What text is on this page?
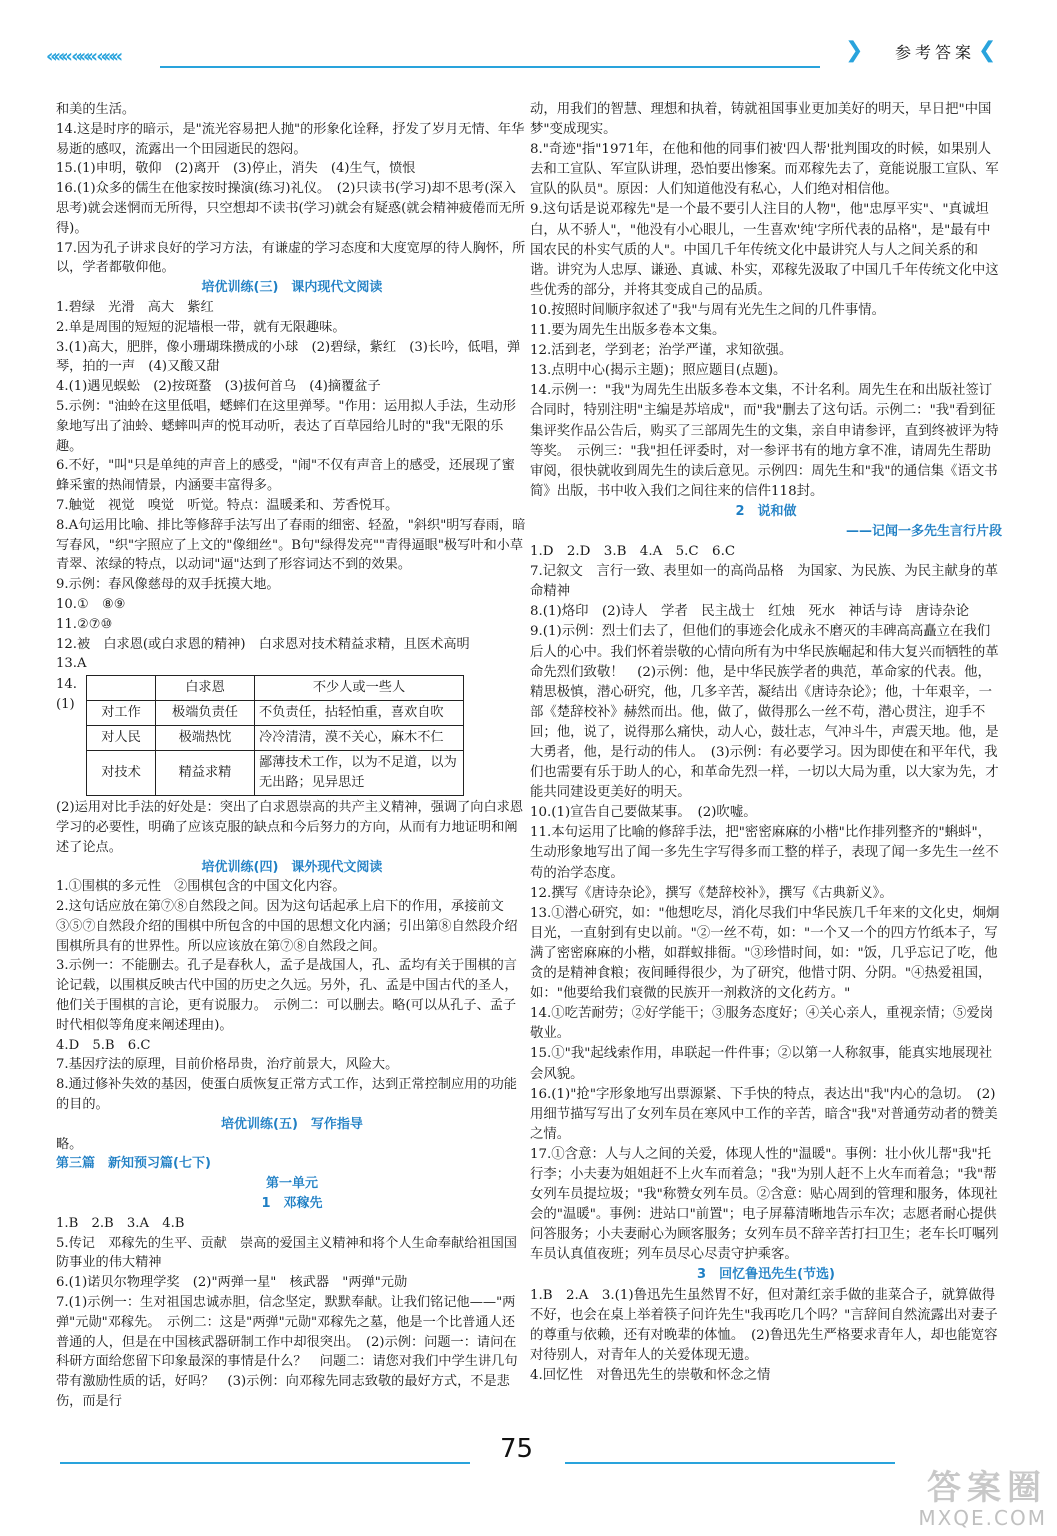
««« ««« «««	❯ 参考答案 ❮

和美的生活。

14.这是时序的暗示，是"流光容易把人抛"的形象化诠释，抒发了岁月无情、年华易逝的感叹，流露出一个田园逝民的怨闷。

15.(1)申明，敬仰　(2)离开　(3)停止，消失　(4)生气，愤恨

16.(1)众多的儒生在他家按时操演(练习)礼仪。　(2)只读书(学习)却不思考(深入思考)就会迷惘而无所得，只空想却不读书(学习)就会有疑惑(就会精神疲倦而无所得)。

17.因为孔子讲求良好的学习方法，有谦虚的学习态度和大度宽厚的待人胸怀，所以，学者都敬仰他。

培优训练(三)　课内现代文阅读

1.碧绿　光滑　高大　紫红

2.单是周围的短短的泥墙根一带，就有无限趣味。

3.(1)高大，肥胖，像小珊瑚珠攒成的小球　(2)碧绿，紫红　(3)长吟，低唱，弹琴，拍的一声　(4)又酸又甜

4.(1)遇见蜈蚣　(2)按斑蝥　(3)拔何首乌　(4)摘覆盆子

5.示例："油蛉在这里低唱，蟋蟀们在这里弹琴。"作用：运用拟人手法，生动形象地写出了油蛉、蟋蟀叫声的悦耳动听，表达了百草园给儿时的"我"无限的乐趣。

6.不好，"叫"只是单纯的声音上的感受，"闹"不仅有声音上的感受，还展现了蜜蜂采蜜的热闹情景，内涵要丰富得多。

7.触觉　视觉　嗅觉　听觉。特点：温暖柔和、芳香悦耳。

8.A句运用比喻、排比等修辞手法写出了春雨的细密、轻盈，"斜织"明写春雨，暗写春风，"织"字照应了上文的"像细丝"。B句"绿得发亮""青得逼眼"极写叶和小草青翠、浓绿的特点，以动词"逼"达到了形容词达不到的效果。

9.示例：春风像慈母的双手抚摸大地。

10.①　⑧⑨

11.②⑦⑩

12.被　白求恩(或白求恩的精神)　白求恩对技术精益求精，且医术高明

13.A

14.(1)
	白求恩	不少人或一些人
对工作	极端负责任	不负责任，拈轻怕重，喜欢自吹
对人民	极端热忱	冷冷清清，漠不关心，麻木不仁
对技术	精益求精	鄙薄技术工作，以为不足道，以为无出路；见异思迁

(2)运用对比手法的好处是：突出了白求恩崇高的共产主义精神，强调了向白求恩学习的必要性，明确了应该克服的缺点和今后努力的方向，从而有力地证明和阐述了论点。

培优训练(四)　课外现代文阅读

1.①围棋的多元性　②围棋包含的中国文化内容。

2.这句话应放在第⑦⑧自然段之间。因为这句话起承上启下的作用，承接前文③⑤⑦自然段介绍的围棋中所包含的中国的思想文化内涵；引出第⑧自然段介绍围棋所具有的世界性。所以应该放在第⑦⑧自然段之间。

3.示例一：不能删去。孔子是春秋人，孟子是战国人，孔、孟均有关于围棋的言论记载，以围棋反映古代中国的历史之久远。另外，孔、孟是中国古代的圣人，他们关于围棋的言论，更有说服力。　示例二：可以删去。略(可以从孔子、孟子时代相似等角度来阐述理由)。

4.D　5.B　6.C

7.基因疗法的原理，目前价格昂贵，治疗前景大，风险大。

8.通过修补失效的基因，使蛋白质恢复正常方式工作，达到正常控制应用的功能的目的。

培优训练(五)　写作指导

略。

第三篇　新知预习篇(七下)

第一单元

1　邓稼先

1.B　2.B　3.A　4.B

5.传记　邓稼先的生平、贡献　崇高的爱国主义精神和将个人生命奉献给祖国国防事业的伟大精神

6.(1)诺贝尔物理学奖　(2)"两弹一星"　核武器　"两弹"元勋

7.(1)示例一：生对祖国忠诚赤胆，信念坚定，默默奉献。让我们铭记他——"两弹"元勋"邓稼先。　示例二：这是"两弹"元勋"邓稼先之墓，他是一个比普通人还普通的人，但是在中国核武器研制工作中却很突出。　(2)示例：问题一：请问在科研方面给您留下印象最深的事情是什么？　问题二：请您对我们中学生讲几句带有激励性质的话，好吗？　(3)示例：向邓稼先同志致敬的最好方式，不是悲伤，而是行

动，用我们的智慧、理想和执着，铸就祖国事业更加美好的明天，早日把"中国梦"变成现实。

8."奇迹"指"1971年，在他和他的同事们被'四人帮'批判围攻的时候，如果别人去和工宣队、军宣队讲理，恐怕要出惨案。而邓稼先去了，竟能说服工宣队、军宣队的队员"。原因：人们知道他没有私心，人们绝对相信他。

9.这句话是说邓稼先"是一个最不要引人注目的人物"，他"忠厚平实"、"真诚坦白，从不骄人"，"他没有小心眼儿，一生喜欢'纯'字所代表的品格"，是"最有中国农民的朴实气质的人"。中国几千年传统文化中最讲究人与人之间关系的和谐。讲究为人忠厚、谦逊、真诚、朴实，邓稼先汲取了中国几千年传统文化中这些优秀的部分，并将其变成自己的品质。

10.按照时间顺序叙述了"我"与周有光先生之间的几件事情。

11.要为周先生出版多卷本文集。

12.活到老，学到老；治学严谨，求知欲强。

13.点明中心(揭示主题)；照应题目(点题)。

14.示例一："我"为周先生出版多卷本文集，不计名利。周先生在和出版社签订合同时，特别注明"主编是苏培成"，而"我"删去了这句话。示例二："我"看到征集评奖作品公告后，购买了三部周先生的文集，亲自申请参评，直到终被评为特等奖。　示例三："我"担任评委时，对一参评书有的地方拿不准，请周先生帮助审阅，很快就收到周先生的读后意见。示例四：周先生和"我"的通信集《语文书简》出版，书中收入我们之间往来的信件118封。

2　说和做

——记闻一多先生言行片段

1.D　2.D　3.B　4.A　5.C　6.C

7.记叙文　言行一致、表里如一的高尚品格　为国家、为民族、为民主献身的革命精神

8.(1)烙印　(2)诗人　学者　民主战士　红烛　死水　神话与诗　唐诗杂论

9.(1)示例：烈士们去了，但他们的事迹会化成永不磨灭的丰碑高高矗立在我们后人的心中。我们怀着崇敬的心情向所有为中华民族崛起和伟大复兴而牺牲的革命先烈们致敬！　(2)示例：他，是中华民族学者的典范，革命家的代表。他，精思极慎，潜心研究，他，几多辛苦，凝结出《唐诗杂论》；他，十年艰辛，一部《楚辞校补》赫然而出。他，做了，做得那么一丝不苟，潜心贯注，迎手不回；他，说了，说得那么痛快，动人心，鼓壮志，气冲斗牛，声震天地。他，是大勇者，他，是行动的伟人。　(3)示例：有必要学习。因为即使在和平年代，我们也需要有乐于助人的心，和革命先烈一样，一切以大局为重，以大家为先，才能共同建设更美好的明天。

10.(1)宣告自己要做某事。　(2)吹嘘。

11.本句运用了比喻的修辞手法，把"密密麻麻的小楷"比作排列整齐的"蝌蚪"，生动形象地写出了闻一多先生字写得多而工整的样子，表现了闻一多先生一丝不苟的治学态度。

12.撰写《唐诗杂论》，撰写《楚辞校补》，撰写《古典新义》。

13.①潜心研究，如："他想吃尽，消化尽我们中华民族几千年来的文化史，炯炯目光，一直射到有史以前。"②一丝不苟，如："一个又一个的四方竹纸本子，写满了密密麻麻的小楷，如群蚁排衙。"③珍惜时间，如："饭，几乎忘记了吃，他贪的是精神食粮；夜间睡得很少，为了研究，他惜寸阴、分阴。"④热爱祖国，如："他要给我们衰微的民族开一剂救济的文化药方。"

14.①吃苦耐劳；②好学能干；③服务态度好；④关心亲人，重视亲情；⑤爱岗敬业。

15.①"我"起线索作用，串联起一件件事；②以第一人称叙事，能真实地展现社会风貌。

16.(1)"抢"字形象地写出票源紧、下手快的特点，表达出"我"内心的急切。　(2)用细节描写写出了女列车员在寒风中工作的辛苦，暗含"我"对普通劳动者的赞美之情。

17.①含意：人与人之间的关爱，体现人性的"温暖"。事例：壮小伙儿帮"我"托行李；小夫妻为姐姐赶不上火车而着急；"我"为别人赶不上火车而着急；"我"帮女列车员提垃圾；"我"称赞女列车员。②含意：贴心周到的管理和服务，体现社会的"温暖"。事例：进站口"前置"；电子屏幕清晰地告示车次；志愿者耐心提供问答服务；小夫妻耐心为顾客服务；女列车员不辞辛苦打扫卫生；老车长叮嘱列车员认真值夜班；列车员尽心尽责守护乘客。

3　回忆鲁迅先生(节选)

1.B　2.A　3.(1)鲁迅先生虽然胃不好，但对萧红亲手做的韭菜合子，就算做得不好，也会在桌上举着筷子问许先生"我再吃几个吗？"言辞间自然流露出对妻子的尊重与依赖，还有对晚辈的体恤。　(2)鲁迅先生严格要求青年人，却也能宽容对待别人，对青年人的关爱体现无遗。

4.回忆性　对鲁迅先生的崇敬和怀念之情

75
答案圈
MXQE.COM
